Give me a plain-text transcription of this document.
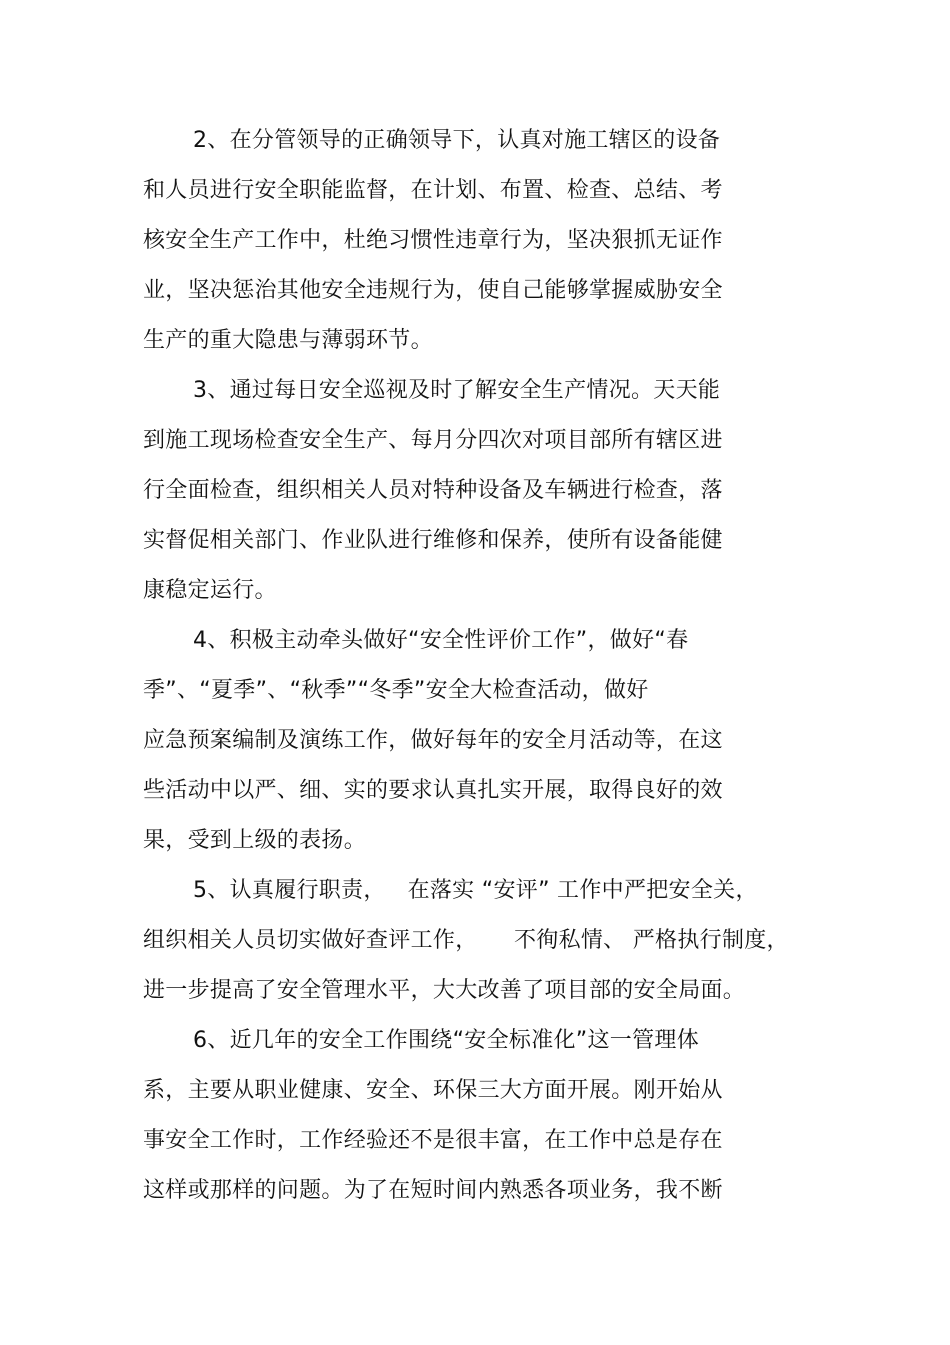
2、在分管领导的正确领导下，认真对施工辖区的设备
和人员进行安全职能监督，在计划、布置、检查、总结、考
核安全生产工作中，杜绝习惯性违章行为，坚决狠抓无证作
业，坚决惩治其他安全违规行为，使自己能够掌握威胁安全
生产的重大隐患与薄弱环节。
3、通过每日安全巡视及时了解安全生产情况。天天能
到施工现场检查安全生产、每月分四次对项目部所有辖区进
行全面检查，组织相关人员对特种设备及车辆进行检查，落
实督促相关部门、作业队进行维修和保养，使所有设备能健
康稳定运行。
4、积极主动牵头做好“安全性评价工作”，做好“春
季”、“夏季”、“秋季”“冬季”安全大检查活动，做好
应急预案编制及演练工作，做好每年的安全月活动等，在这
些活动中以严、细、实的要求认真扎实开展，取得良好的效
果，受到上级的表扬。
5、认真履行职责，   在落实 “安评” 工作中严把安全关，
组织相关人员切实做好查评工作，     不徇私情、 严格执行制度，
进一步提高了安全管理水平，大大改善了项目部的安全局面。
6、近几年的安全工作围绕“安全标准化”这一管理体
系，主要从职业健康、安全、环保三大方面开展。刚开始从
事安全工作时，工作经验还不是很丰富，在工作中总是存在
这样或那样的问题。为了在短时间内熟悉各项业务，我不断
